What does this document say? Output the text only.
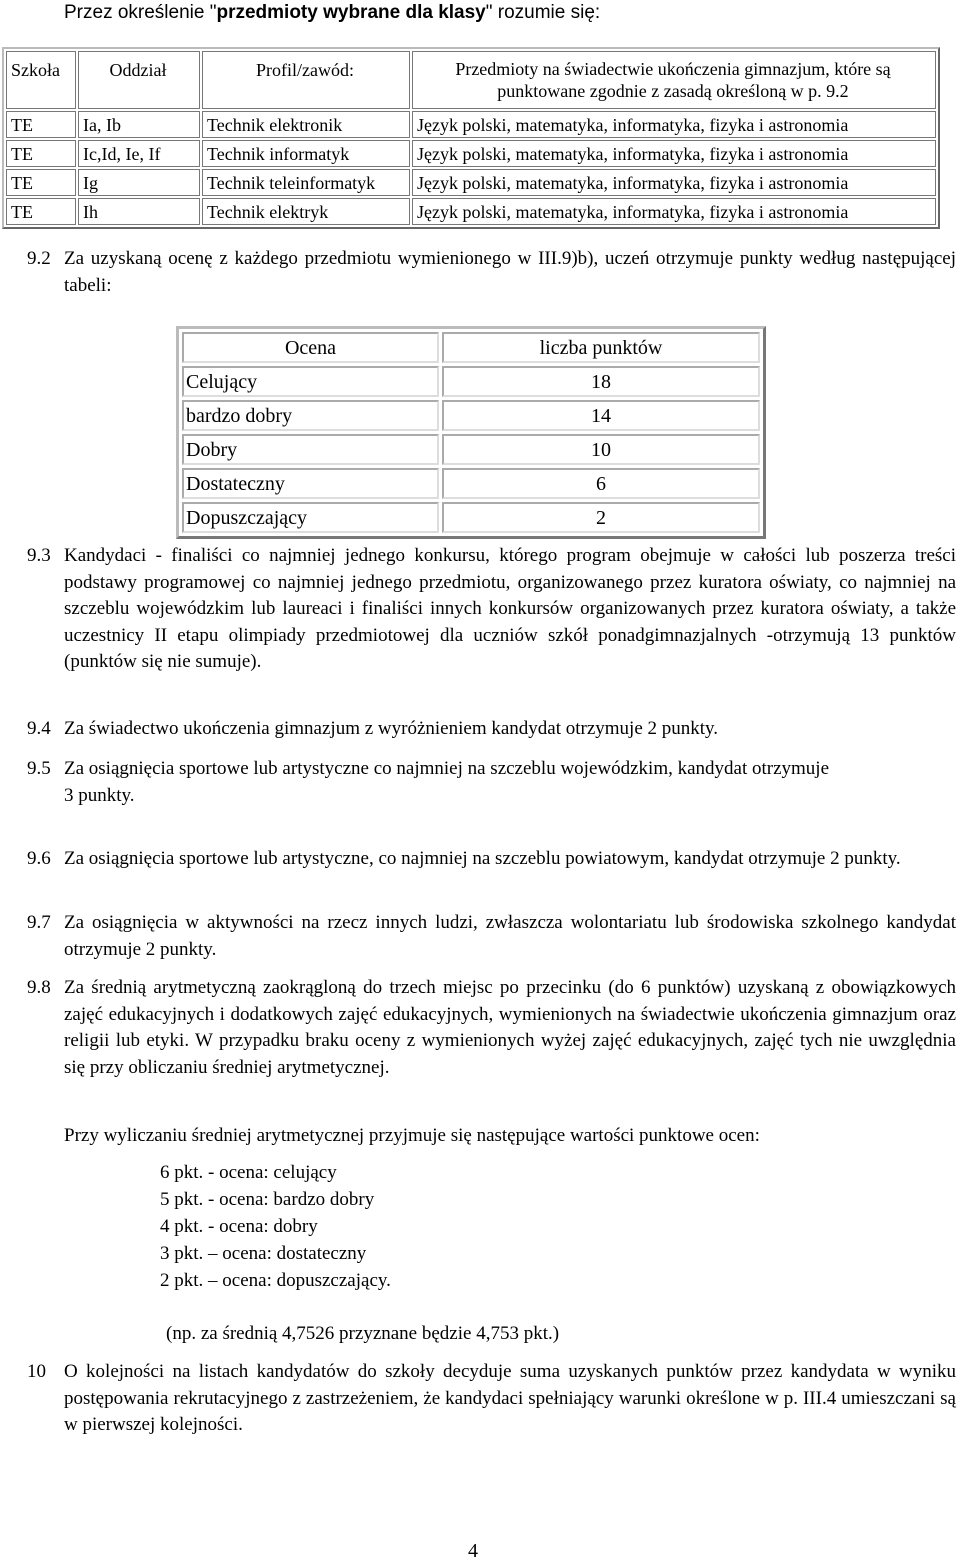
Przez określenie "przedmioty wybrane dla klasy" rozumie się:

Szkoła	Oddział	Profil/zawód:	Przedmioty na świadectwie ukończenia gimnazjum, które są punktowane zgodnie z zasadą określoną w p. 9.2
TE	Ia, Ib	Technik elektronik	Język polski, matematyka, informatyka, fizyka i astronomia
TE	Ic,Id, Ie, If	Technik informatyk	Język polski, matematyka, informatyka, fizyka i astronomia
TE	Ig	Technik teleinformatyk	Język polski, matematyka, informatyka, fizyka i astronomia
TE	Ih	Technik elektryk	Język polski, matematyka, informatyka, fizyka i astronomia
9.2 Za uzyskaną ocenę z każdego przedmiotu wymienionego w III.9)b), uczeń otrzymuje punkty według następującej tabeli:

Ocena	liczba punktów
Celujący	18
bardzo dobry	14
Dobry	10
Dostateczny	6
Dopuszczający	2
9.3 Kandydaci - finaliści co najmniej jednego konkursu, którego program obejmuje w całości lub poszerza treści podstawy programowej co najmniej jednego przedmiotu, organizowanego przez kuratora oświaty, co najmniej na szczeblu wojewódzkim lub laureaci i finaliści innych konkursów organizowanych przez kuratora oświaty, a także uczestnicy II etapu olimpiady przedmiotowej dla uczniów szkół ponadgimnazjalnych -otrzymują 13 punktów (punktów się nie sumuje).

9.4 Za świadectwo ukończenia gimnazjum z wyróżnieniem kandydat otrzymuje 2 punkty.

9.5 Za osiągnięcia sportowe lub artystyczne co najmniej na szczeblu wojewódzkim, kandydat otrzymuje

3 punkty.

9.6 Za osiągnięcia sportowe lub artystyczne, co najmniej na szczeblu powiatowym, kandydat otrzymuje 2 punkty.

9.7 Za osiągnięcia w aktywności na rzecz innych ludzi, zwłaszcza wolontariatu lub środowiska szkolnego kandydat otrzymuje 2 punkty.

9.8 Za średnią arytmetyczną zaokrągloną do trzech miejsc po przecinku (do 6 punktów) uzyskaną z obowiązkowych zajęć edukacyjnych i dodatkowych zajęć edukacyjnych, wymienionych na świadectwie ukończenia gimnazjum oraz religii lub etyki. W przypadku braku oceny z wymienionych wyżej zajęć edukacyjnych, zajęć tych nie uwzględnia się przy obliczaniu średniej arytmetycznej.

Przy wyliczaniu średniej arytmetycznej przyjmuje się następujące wartości punktowe ocen:

6 pkt. - ocena: celujący

5 pkt. - ocena: bardzo dobry

4 pkt. - ocena: dobry

3 pkt. – ocena: dostateczny

2 pkt. – ocena: dopuszczający.

(np. za średnią 4,7526 przyznane będzie 4,753 pkt.)

10 O kolejności na listach kandydatów do szkoły decyduje suma uzyskanych punktów przez kandydata w wyniku postępowania rekrutacyjnego z zastrzeżeniem, że kandydaci spełniający warunki określone w p. III.4 umieszczani są w pierwszej kolejności.

4
